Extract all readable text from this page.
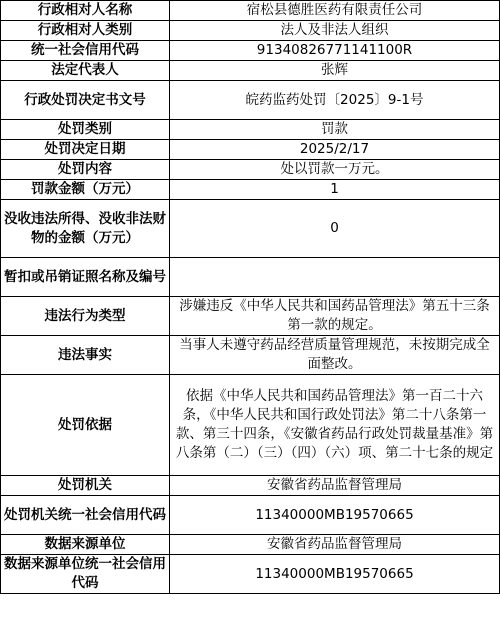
行政相对人名称	宿松县德胜医药有限责任公司
行政相对人类别	法人及非法人组织
统一社会信用代码	91340826771141100R
法定代表人	张辉
行政处罚决定书文号	皖药监药处罚〔2025〕9-1号
处罚类别	罚款
处罚决定日期	2025/2/17
处罚内容	处以罚款一万元。
罚款金额（万元）	1
没收违法所得、没收非法财物的金额（万元）	0
暂扣或吊销证照名称及编号	
违法行为类型	涉嫌违反《中华人民共和国药品管理法》第五十三条第一款的规定。
违法事实	当事人未遵守药品经营质量管理规范，未按期完成全面整改。
处罚依据	依据《中华人民共和国药品管理法》第一百二十六条，《中华人民共和国行政处罚法》第二十八条第一款、第三十四条，《安徽省药品行政处罚裁量基准》第八条第（二）（三）（四）（六）项、第二十七条的规定
处罚机关	安徽省药品监督管理局
处罚机关统一社会信用代码	11340000MB19570665
数据来源单位	安徽省药品监督管理局
数据来源单位统一社会信用代码	11340000MB19570665
